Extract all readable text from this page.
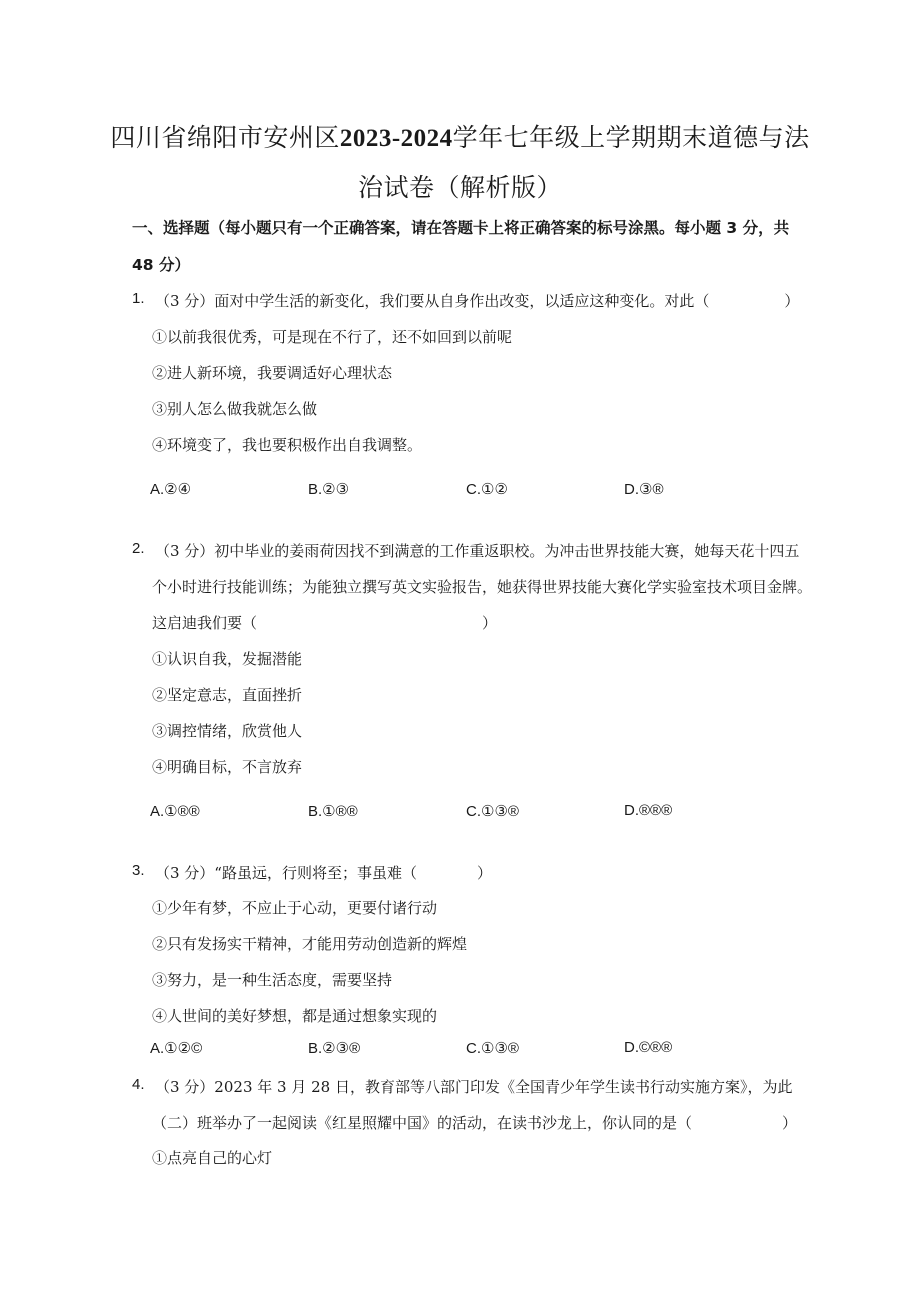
四川省绵阳市安州区2023-2024学年七年级上学期期末道德与法
治试卷（解析版）
一、选择题（每小题只有一个正确答案，请在答题卡上将正确答案的标号涂黑。每小题 3 分，共
48 分）
1. （3 分）面对中学生活的新变化，我们要从自身作出改变，以适应这种变化。对此（　　　　　）
①以前我很优秀，可是现在不行了，还不如回到以前呢
②进人新环境，我要调适好心理状态
③别人怎么做我就怎么做
④环境变了，我也要积极作出自我调整。
A.②④	B.②③	C.①②	D.③®
2. （3 分）初中毕业的姜雨荷因找不到满意的工作重返职校。为冲击世界技能大赛，她每天花十四五
个小时进行技能训练；为能独立撰写英文实验报告，她获得世界技能大赛化学实验室技术项目金牌。
这启迪我们要（　　　　　　　　　　　　　　　）
①认识自我，发掘潜能
②坚定意志，直面挫折
③调控情绪，欣赏他人
④明确目标，不言放弃
A.①®®	B.①®®	C.①③®	D.®®®
3. （3 分）“路虽远，行则将至；事虽难（　　　　）
①少年有梦，不应止于心动，更要付诸行动
②只有发扬实干精神，才能用劳动创造新的辉煌
③努力，是一种生活态度，需要坚持
④人世间的美好梦想，都是通过想象实现的
A.①②©	B.②③®	C.①③®	D.©®®
4. （3 分）2023 年 3 月 28 日，教育部等八部门印发《全国青少年学生读书行动实施方案》，为此
（二）班举办了一起阅读《红星照耀中国》的活动，在读书沙龙上，你认同的是（　　　　　　）
①点亮自己的心灯
